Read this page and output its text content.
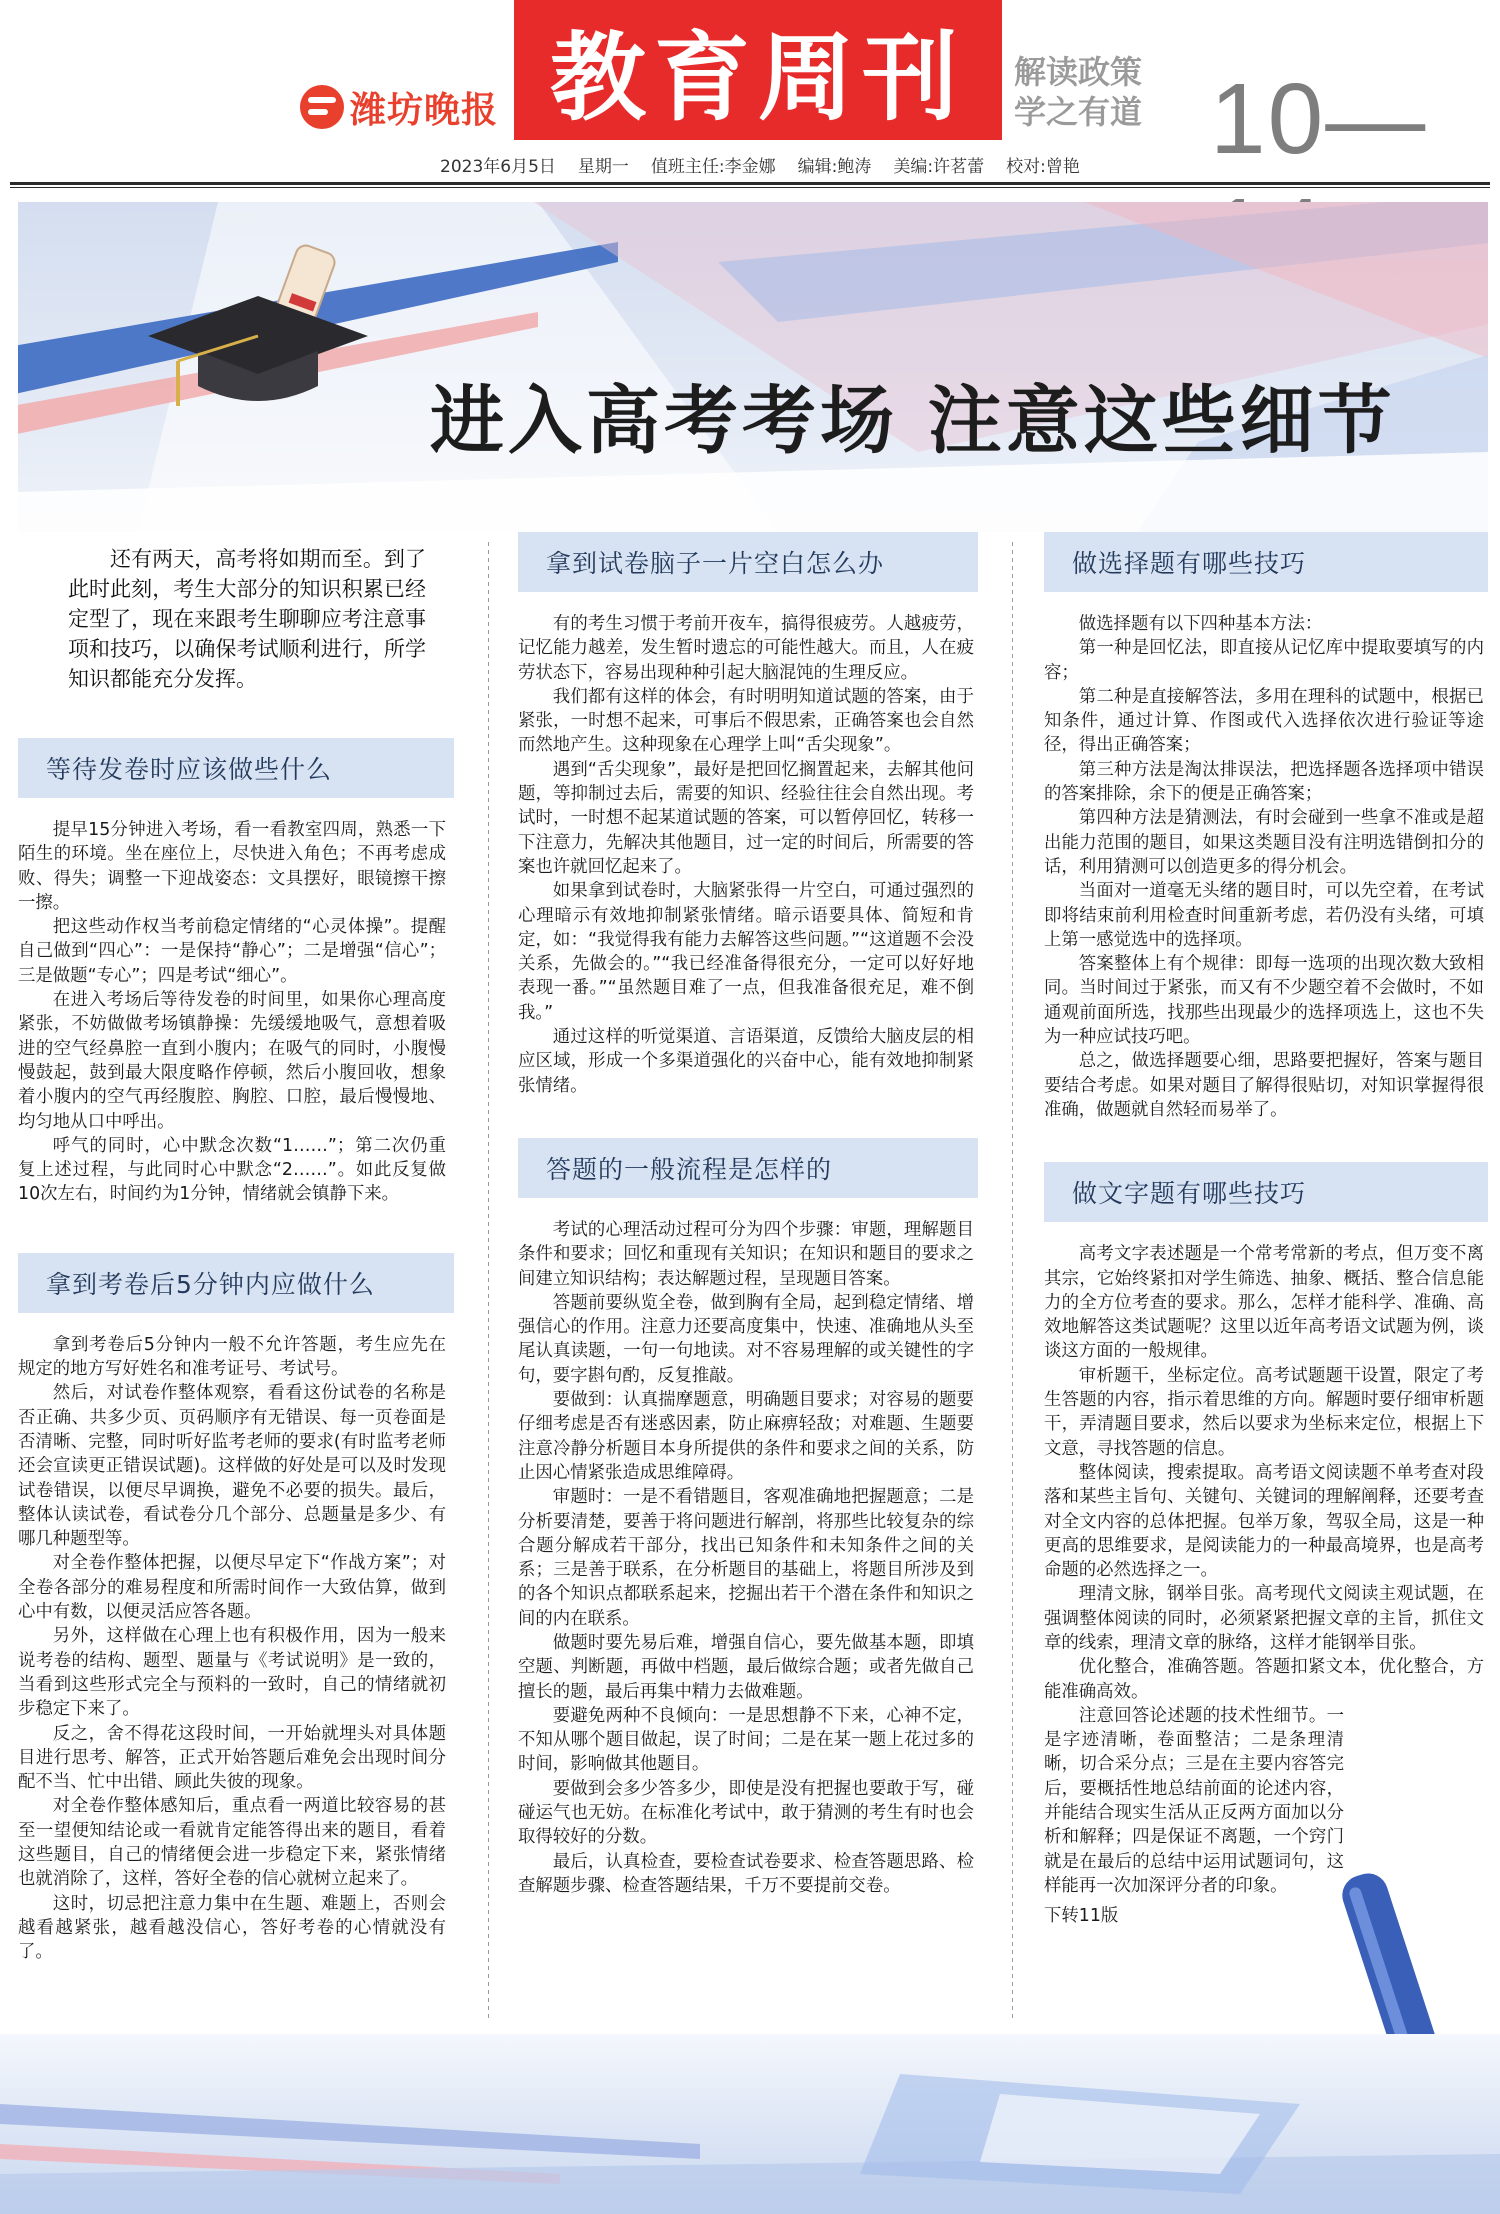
潍坊晚报 教育周刊 解读政策
学之有道 10—
2023年6月5日 星期一 值班主任:李金娜 编辑:鲍涛 美编:许茗蕾 校对:曾艳
进入高考考场 注意这些细节

还有两天，高考将如期而至。到了此时此刻，考生大部分的知识积累已经定型了，现在来跟考生聊聊应考注意事项和技巧，以确保考试顺利进行，所学知识都能充分发挥。

等待发卷时应该做些什么

提早15分钟进入考场，看一看教室四周，熟悉一下陌生的环境。坐在座位上，尽快进入角色；不再考虑成败、得失；调整一下迎战姿态：文具摆好，眼镜擦干擦一擦。

把这些动作权当考前稳定情绪的“心灵体操”。提醒自己做到“四心”：一是保持“静心”；二是增强“信心”；三是做题“专心”；四是考试“细心”。

在进入考场后等待发卷的时间里，如果你心理高度紧张，不妨做做考场镇静操：先缓缓地吸气，意想着吸进的空气经鼻腔一直到小腹内；在吸气的同时，小腹慢慢鼓起，鼓到最大限度略作停顿，然后小腹回收，想象着小腹内的空气再经腹腔、胸腔、口腔，最后慢慢地、均匀地从口中呼出。

呼气的同时，心中默念次数“1……”；第二次仍重复上述过程，与此同时心中默念“2……”。如此反复做10次左右，时间约为1分钟，情绪就会镇静下来。

拿到考卷后5分钟内应做什么

拿到考卷后5分钟内一般不允许答题，考生应先在规定的地方写好姓名和准考证号、考试号。

然后，对试卷作整体观察，看看这份试卷的名称是否正确、共多少页、页码顺序有无错误、每一页卷面是否清晰、完整，同时听好监考老师的要求(有时监考老师还会宣读更正错误试题)。这样做的好处是可以及时发现试卷错误，以便尽早调换，避免不必要的损失。最后，整体认读试卷，看试卷分几个部分、总题量是多少、有哪几种题型等。

对全卷作整体把握，以便尽早定下“作战方案”；对全卷各部分的难易程度和所需时间作一大致估算，做到心中有数，以便灵活应答各题。

另外，这样做在心理上也有积极作用，因为一般来说考卷的结构、题型、题量与《考试说明》是一致的，当看到这些形式完全与预料的一致时，自己的情绪就初步稳定下来了。

反之，舍不得花这段时间，一开始就埋头对具体题目进行思考、解答，正式开始答题后难免会出现时间分配不当、忙中出错、顾此失彼的现象。

对全卷作整体感知后，重点看一两道比较容易的甚至一望便知结论或一看就肯定能答得出来的题目，看着这些题目，自己的情绪便会进一步稳定下来，紧张情绪也就消除了，这样，答好全卷的信心就树立起来了。

这时，切忌把注意力集中在生题、难题上，否则会越看越紧张，越看越没信心，答好考卷的心情就没有了。

拿到试卷脑子一片空白怎么办

有的考生习惯于考前开夜车，搞得很疲劳。人越疲劳，记忆能力越差，发生暂时遗忘的可能性越大。而且，人在疲劳状态下，容易出现种种引起大脑混饨的生理反应。

我们都有这样的体会，有时明明知道试题的答案，由于紧张，一时想不起来，可事后不假思索，正确答案也会自然而然地产生。这种现象在心理学上叫“舌尖现象”。

遇到“舌尖现象”，最好是把回忆搁置起来，去解其他问题，等抑制过去后，需要的知识、经验往往会自然出现。考试时，一时想不起某道试题的答案，可以暂停回忆，转移一下注意力，先解决其他题目，过一定的时间后，所需要的答案也许就回忆起来了。

如果拿到试卷时，大脑紧张得一片空白，可通过强烈的心理暗示有效地抑制紧张情绪。暗示语要具体、简短和肯定，如：“我觉得我有能力去解答这些问题。”“这道题不会没关系，先做会的。”“我已经准备得很充分，一定可以好好地表现一番。”“虽然题目难了一点，但我准备很充足，难不倒我。”

通过这样的听觉渠道、言语渠道，反馈给大脑皮层的相应区域，形成一个多渠道强化的兴奋中心，能有效地抑制紧张情绪。

答题的一般流程是怎样的

考试的心理活动过程可分为四个步骤：审题，理解题目条件和要求；回忆和重现有关知识；在知识和题目的要求之间建立知识结构；表达解题过程，呈现题目答案。

答题前要纵览全卷，做到胸有全局，起到稳定情绪、增强信心的作用。注意力还要高度集中，快速、准确地从头至尾认真读题，一句一句地读。对不容易理解的或关键性的字句，要字斟句酌，反复推敲。

要做到：认真揣摩题意，明确题目要求；对容易的题要仔细考虑是否有迷惑因素，防止麻痹轻敌；对难题、生题要注意冷静分析题目本身所提供的条件和要求之间的关系，防止因心情紧张造成思维障碍。

审题时：一是不看错题目，客观准确地把握题意；二是分析要清楚，要善于将问题进行解剖，将那些比较复杂的综合题分解成若干部分，找出已知条件和未知条件之间的关系；三是善于联系，在分析题目的基础上，将题目所涉及到的各个知识点都联系起来，挖掘出若干个潜在条件和知识之间的内在联系。

做题时要先易后难，增强自信心，要先做基本题，即填空题、判断题，再做中档题，最后做综合题；或者先做自己擅长的题，最后再集中精力去做难题。

要避免两种不良倾向：一是思想静不下来，心神不定，不知从哪个题目做起，误了时间；二是在某一题上花过多的时间，影响做其他题目。

要做到会多少答多少，即使是没有把握也要敢于写，碰碰运气也无妨。在标准化考试中，敢于猜测的考生有时也会取得较好的分数。

最后，认真检查，要检查试卷要求、检查答题思路、检查解题步骤、检查答题结果，千万不要提前交卷。

做选择题有哪些技巧

做选择题有以下四种基本方法：

第一种是回忆法，即直接从记忆库中提取要填写的内容；

第二种是直接解答法，多用在理科的试题中，根据已知条件，通过计算、作图或代入选择依次进行验证等途径，得出正确答案；

第三种方法是淘汰排误法，把选择题各选择项中错误的答案排除，余下的便是正确答案；

第四种方法是猜测法，有时会碰到一些拿不准或是超出能力范围的题目，如果这类题目没有注明选错倒扣分的话，利用猜测可以创造更多的得分机会。

当面对一道毫无头绪的题目时，可以先空着，在考试即将结束前利用检查时间重新考虑，若仍没有头绪，可填上第一感觉选中的选择项。

答案整体上有个规律：即每一选项的出现次数大致相同。当时间过于紧张，而又有不少题空着不会做时，不如通观前面所选，找那些出现最少的选择项选上，这也不失为一种应试技巧吧。

总之，做选择题要心细，思路要把握好，答案与题目要结合考虑。如果对题目了解得很贴切，对知识掌握得很准确，做题就自然轻而易举了。

做文字题有哪些技巧

高考文字表述题是一个常考常新的考点，但万变不离其宗，它始终紧扣对学生筛选、抽象、概括、整合信息能力的全方位考查的要求。那么，怎样才能科学、准确、高效地解答这类试题呢？这里以近年高考语文试题为例，谈谈这方面的一般规律。

审析题干，坐标定位。高考试题题干设置，限定了考生答题的内容，指示着思维的方向。解题时要仔细审析题干，弄清题目要求，然后以要求为坐标来定位，根据上下文意，寻找答题的信息。

整体阅读，搜索提取。高考语文阅读题不单考查对段落和某些主旨句、关键句、关键词的理解阐释，还要考查对全文内容的总体把握。包举万象，驾驭全局，这是一种更高的思维要求，是阅读能力的一种最高境界，也是高考命题的必然选择之一。

理清文脉，钢举目张。高考现代文阅读主观试题，在强调整体阅读的同时，必须紧紧把握文章的主旨，抓住文章的线索，理清文章的脉络，这样才能钢举目张。

优化整合，准确答题。答题扣紧文本，优化整合，方能准确高效。

注意回答论述题的技术性细节。一是字迹清晰，卷面整洁；二是条理清晰，切合采分点；三是在主要内容答完后，要概括性地总结前面的论述内容，并能结合现实生活从正反两方面加以分析和解释；四是保证不离题，一个窍门就是在最后的总结中运用试题词句，这样能再一次加深评分者的印象。

下转11版
